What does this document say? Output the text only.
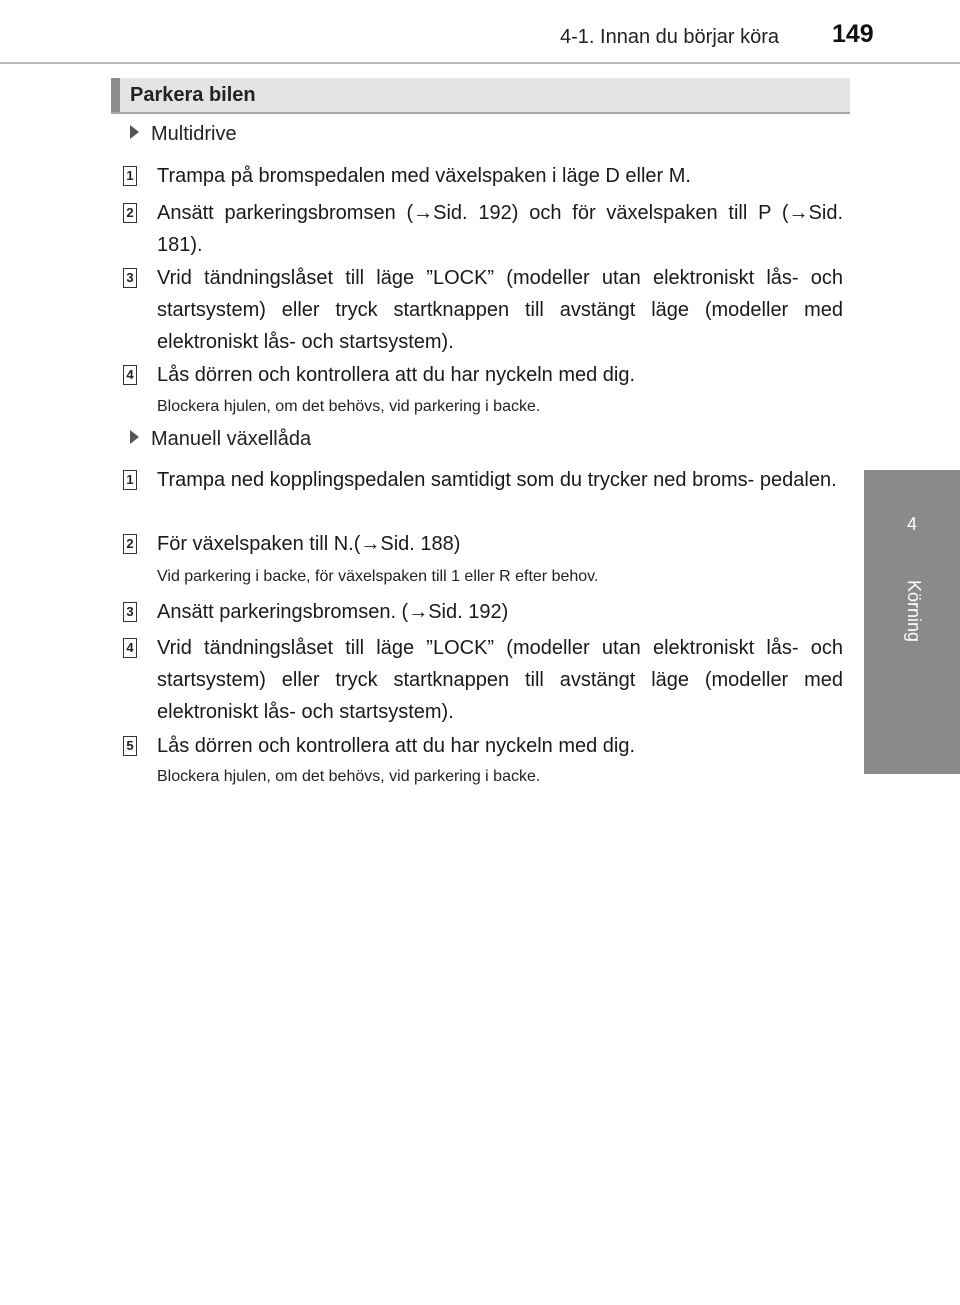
4-1. Innan du börjar köra 149
4
Körning
Parkera bilen
Multidrive
1 Trampa på bromspedalen med växelspaken i läge D eller M.
2 Ansätt parkeringsbromsen (→Sid. 192) och för växelspaken till P (→Sid. 181).
3 Vrid tändningslåset till läge ”LOCK” (modeller utan elektroniskt lås- och startsystem) eller tryck startknappen till avstängt läge (modeller med elektroniskt lås- och startsystem).
4 Lås dörren och kontrollera att du har nyckeln med dig.
Blockera hjulen, om det behövs, vid parkering i backe.
Manuell växellåda
1 Trampa ned kopplingspedalen samtidigt som du trycker ned broms- pedalen.
2 För växelspaken till N.(→Sid. 188)
Vid parkering i backe, för växelspaken till 1 eller R efter behov.
3 Ansätt parkeringsbromsen. (→Sid. 192)
4 Vrid tändningslåset till läge ”LOCK” (modeller utan elektroniskt lås- och startsystem) eller tryck startknappen till avstängt läge (modeller med elektroniskt lås- och startsystem).
5 Lås dörren och kontrollera att du har nyckeln med dig.
Blockera hjulen, om det behövs, vid parkering i backe.
